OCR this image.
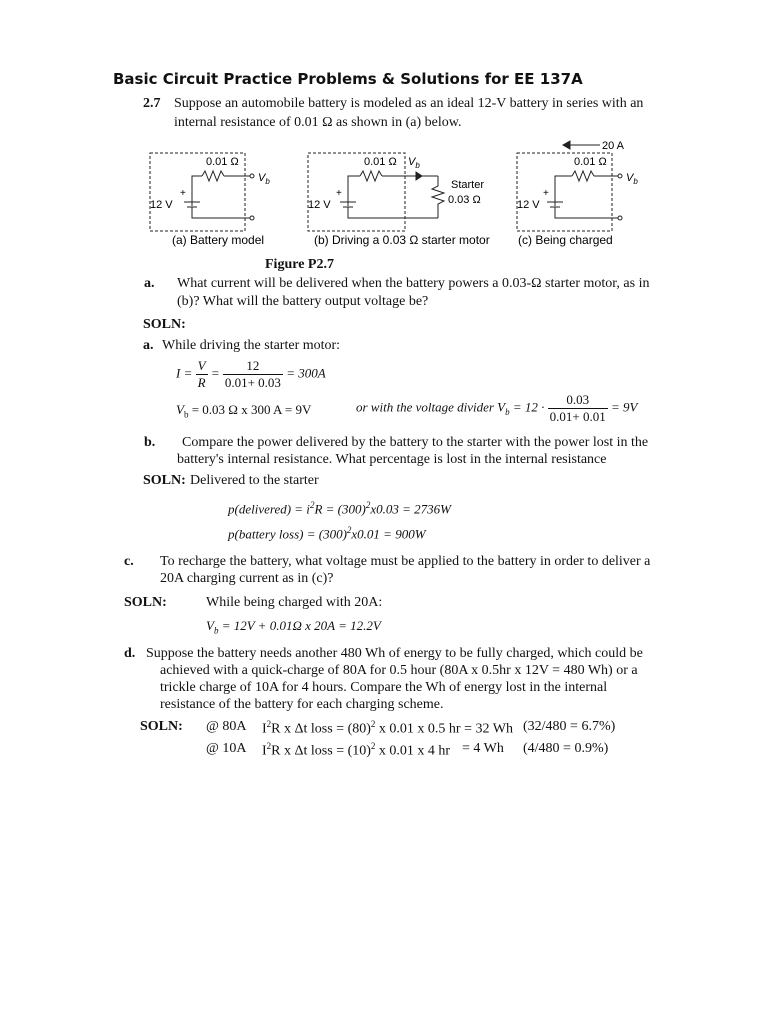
Basic Circuit Practice Problems & Solutions for EE 137A
2.7 Suppose an automobile battery is modeled as an ideal 12-V battery in series with an
internal resistance of 0.01 Ω as shown in (a) below.
0.01 Ω
$V_b$
12 V
+
(a) Battery model
0.01 Ω $V_b$
12 V
+
Starter
0.03 Ω
(b) Driving a 0.03 Ω starter motor
20 A
0.01 Ω
$V_b$
12 V
+
(c) Being charged
Figure P2.7
a. What current will be delivered when the battery powers a 0.03-Ω starter motor, as in
(b)? What will the battery output voltage be?
SOLN:
a. While driving the starter motor:
$I = \frac{V}{R} = \frac{12}{0.01+ 0.03} = 300A$
$V_b = 0.03$ Ω x 300 A = 9V	or with the voltage divider $V_b = 12 \cdot \frac{0.03}{0.01+ 0.01} = 9V$
b. Compare the power delivered by the battery to the starter with the power lost in the
battery's internal resistance. What percentage is lost in the internal resistance
SOLN: Delivered to the starter
p(delivered) = $i^2R = (300)^2x0.03 = 2736W$
p(battery loss) = $(300)^2x0.01 = 900W$
c. To recharge the battery, what voltage must be applied to the battery in order to deliver a
20A charging current as in (c)?
SOLN:	While being charged with 20A:
$V_b = 12V + 0.01\Omega$ x 20A = 12.2V
d. Suppose the battery needs another 480 Wh of energy to be fully charged, which could be
achieved with a quick-charge of 80A for 0.5 hour (80A x 0.5hr x 12V = 480 Wh) or a
trickle charge of 10A for 4 hours. Compare the Wh of energy lost in the internal
resistance of the battery for each charging scheme.
SOLN: @ 80A $I^2R$ x Δt loss = $(80)^2$ x 0.01 x 0.5 hr = 32 Wh (32/480 = 6.7%)
@ 10A $I^2R$ x Δt loss = $(10)^2$ x 0.01 x 4 hr = 4 Wh (4/480 = 0.9%)
